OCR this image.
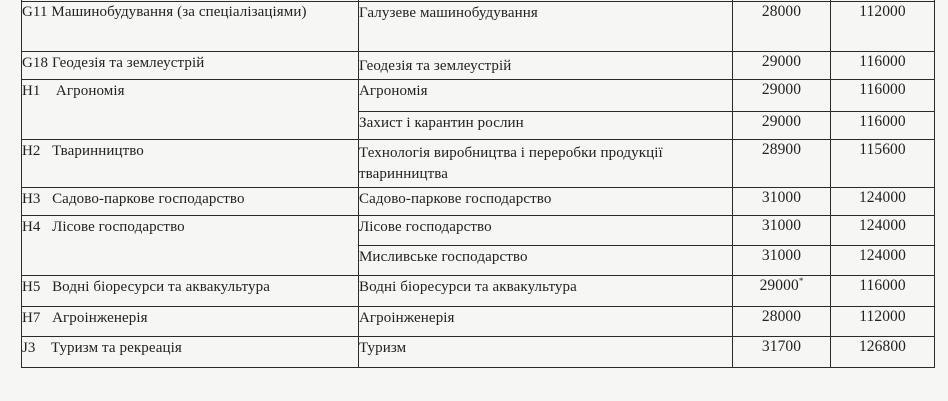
G11 Машинобудування (за спеціалізаціями)	Галузеве машинобудування	28000	112000
G18 Геодезія та землеустрій	Геодезія та землеустрій	29000	116000
H1    Агрономія	Агрономія	29000	116000
	Захист і карантин рослин	29000	116000
H2   Тваринництво	Технологія виробництва і переробки продукції тваринництва	28900	115600
H3   Садово-паркове господарство	Садово-паркове господарство	31000	124000
H4   Лісове господарство	Лісове господарство	31000	124000
	Мисливське господарство	31000	124000
H5   Водні біоресурси та аквакультура	Водні біоресурси та аквакультура	29000*	116000
H7   Агроінженерія	Агроінженерія	28000	112000
J3    Туризм та рекреація	Туризм	31700	126800
